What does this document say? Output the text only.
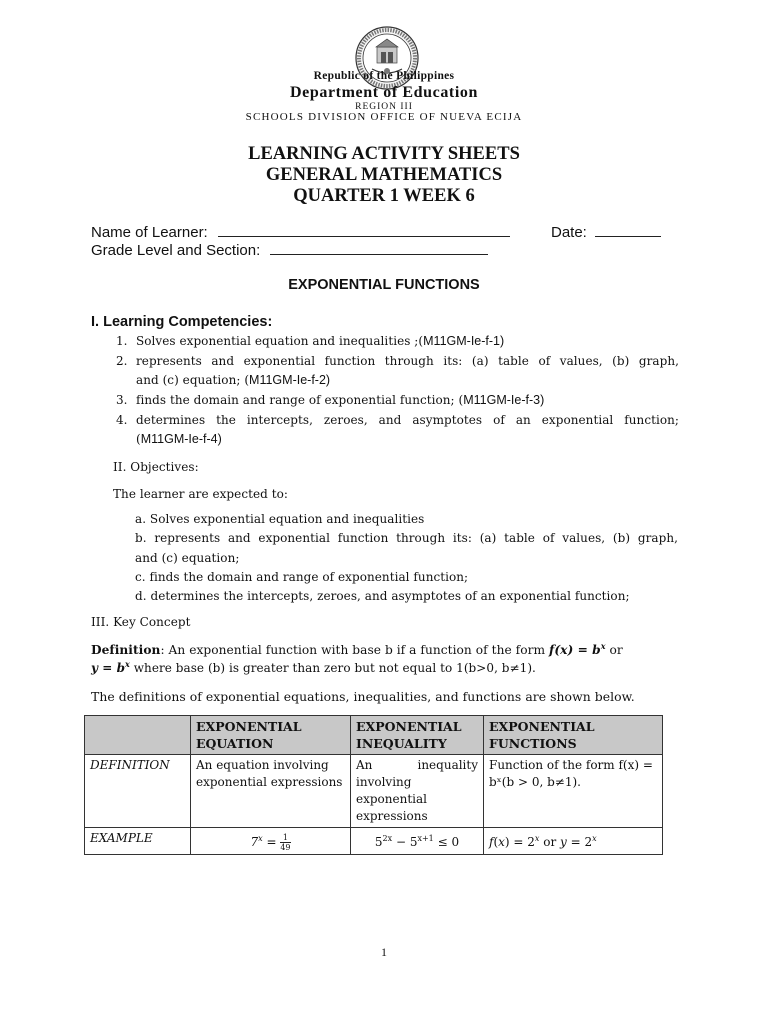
Republic of the Philippines
Department of Education
REGION III
SCHOOLS DIVISION OFFICE OF NUEVA ECIJA
LEARNING ACTIVITY SHEETS
GENERAL MATHEMATICS
QUARTER 1 WEEK 6
Name of Learner:	Date:
Grade Level and Section:
EXPONENTIAL FUNCTIONS
I. Learning Competencies:
1. Solves exponential equation and inequalities ;(M11GM-Ie-f-1)
2. represents and exponential function through its: (a) table of values, (b) graph,
and (c) equation; (M11GM-Ie-f-2)
3. finds the domain and range of exponential function; (M11GM-Ie-f-3)
4. determines the intercepts, zeroes, and asymptotes of an exponential function;
(M11GM-Ie-f-4)
II. Objectives:
The learner are expected to:
a. Solves exponential equation and inequalities
b. represents and exponential function through its: (a) table of values, (b) graph,
and (c) equation;
c. finds the domain and range of exponential function;
d. determines the intercepts, zeroes, and asymptotes of an exponential function;
III. Key Concept
Definition: An exponential function with base b if a function of the form $f(x) = b^x$ or
$y = b^x$ where base (b) is greater than zero but not equal to 1(b>0, b≠1).
The definitions of exponential equations, inequalities, and functions are shown below.
	EXPONENTIAL EQUATION	EXPONENTIAL INEQUALITY	EXPONENTIAL FUNCTIONS
DEFINITION	An equation involving exponential expressions	An inequality involving exponential expressions	Function of the form f(x) = bˣ(b > 0, b≠1).
EXAMPLE	$7^x = \frac{1}{49}$	$5^{2x} - 5^{x+1} \le 0$	$f(x) = 2^x$ or $y = 2^x$
1
